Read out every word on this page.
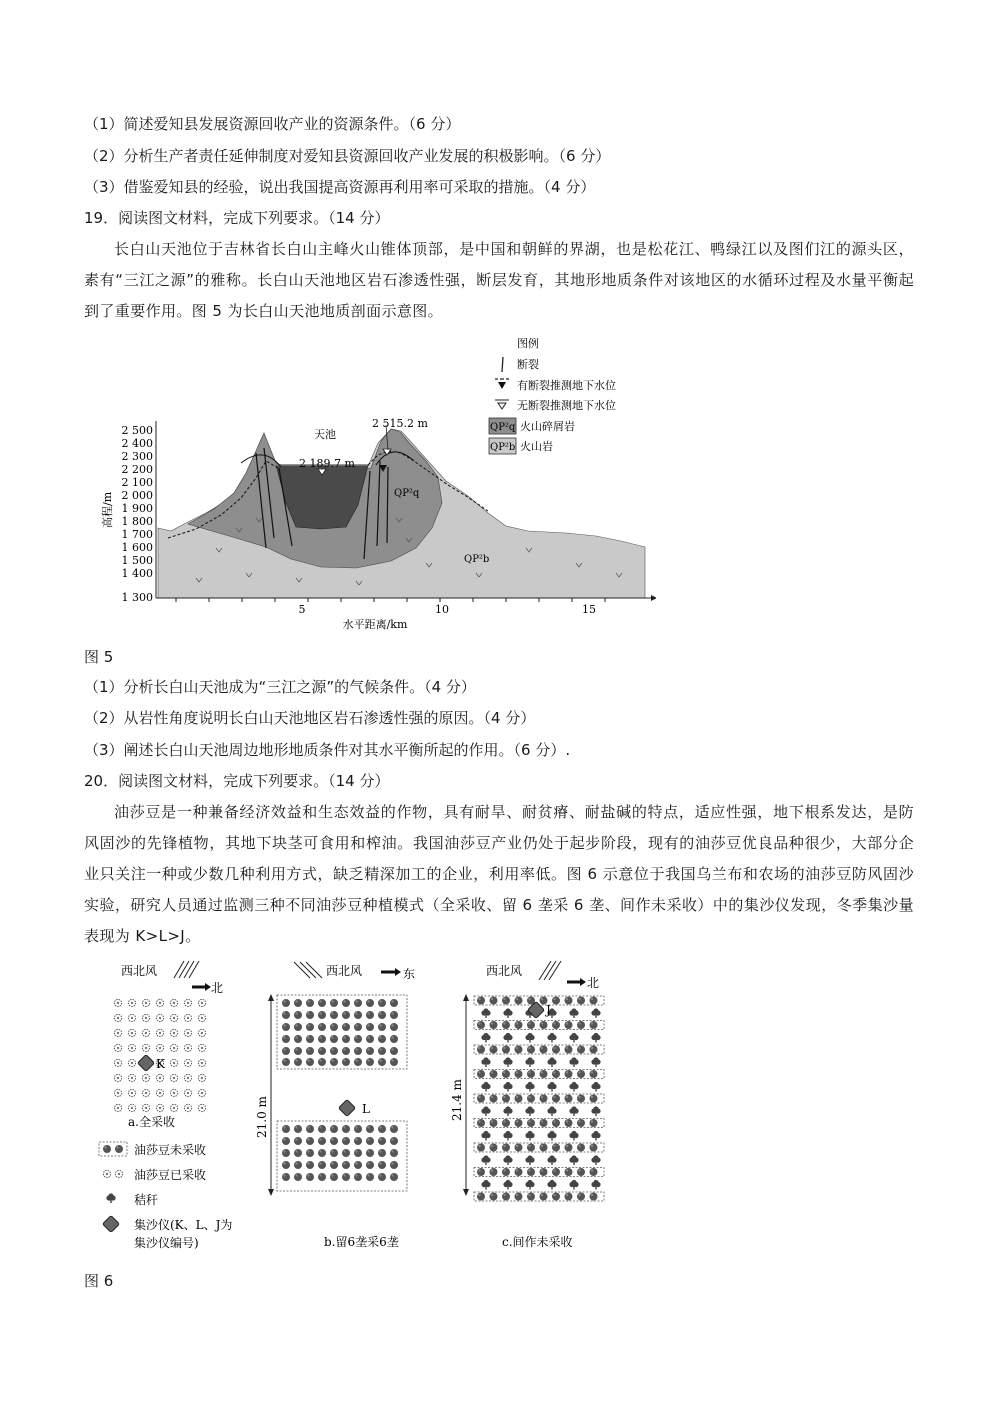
（1）简述爱知县发展资源回收产业的资源条件。（6 分）
（2）分析生产者责任延伸制度对爱知县资源回收产业发展的积极影响。（6 分）
（3）借鉴爱知县的经验，说出我国提高资源再利用率可采取的措施。（4 分）
19．阅读图文材料，完成下列要求。（14 分）
长白山天池位于吉林省长白山主峰火山锥体顶部，是中国和朝鲜的界湖，也是松花江、鸭绿江以及图们江的源头区，素有“三江之源”的雅称。长白山天池地区岩石渗透性强，断层发育，其地形地质条件对该地区的水循环过程及水量平衡起到了重要作用。图 5 为长白山天池地质剖面示意图。
图例
断裂
有断裂推测地下水位
无断裂推测地下水位
QP²q 火山碎屑岩
QP²b 火山岩
2 500
2 400
2 300
2 200
2 100
2 000
1 900
1 800
1 700
1 600
1 500
1 400
1 300
高程/m
天池
2 189.7 m
2 515.2 m
QP²q
QP²b
5	10	15
水平距离/km
图 5
（1）分析长白山天池成为“三江之源”的气候条件。（4 分）
（2）从岩性角度说明长白山天池地区岩石渗透性强的原因。（4 分）
（3）阐述长白山天池周边地形地质条件对其水平衡所起的作用。（6 分）.
20．阅读图文材料，完成下列要求。（14 分）
油莎豆是一种兼备经济效益和生态效益的作物，具有耐旱、耐贫瘠、耐盐碱的特点，适应性强，地下根系发达，是防风固沙的先锋植物，其地下块茎可食用和榨油。我国油莎豆产业仍处于起步阶段，现有的油莎豆优良品种很少，大部分企业只关注一种或少数几种利用方式，缺乏精深加工的企业，利用率低。图 6 示意位于我国乌兰布和农场的油莎豆防风固沙实验，研究人员通过监测三种不同油莎豆种植模式（全采收、留 6 垄采 6 垄、间作未采收）中的集沙仪发现，冬季集沙量表现为 K>L>J。
西北风
北
K
a.全采收
油莎豆未采收
油莎豆已采收
秸秆
集沙仪(K、L、J为
集沙仪编号)
西北风	东
L
21.0 m
b.留6垄采6垄
西北风
北
21.4 m
J
c.间作未采收
图 6
